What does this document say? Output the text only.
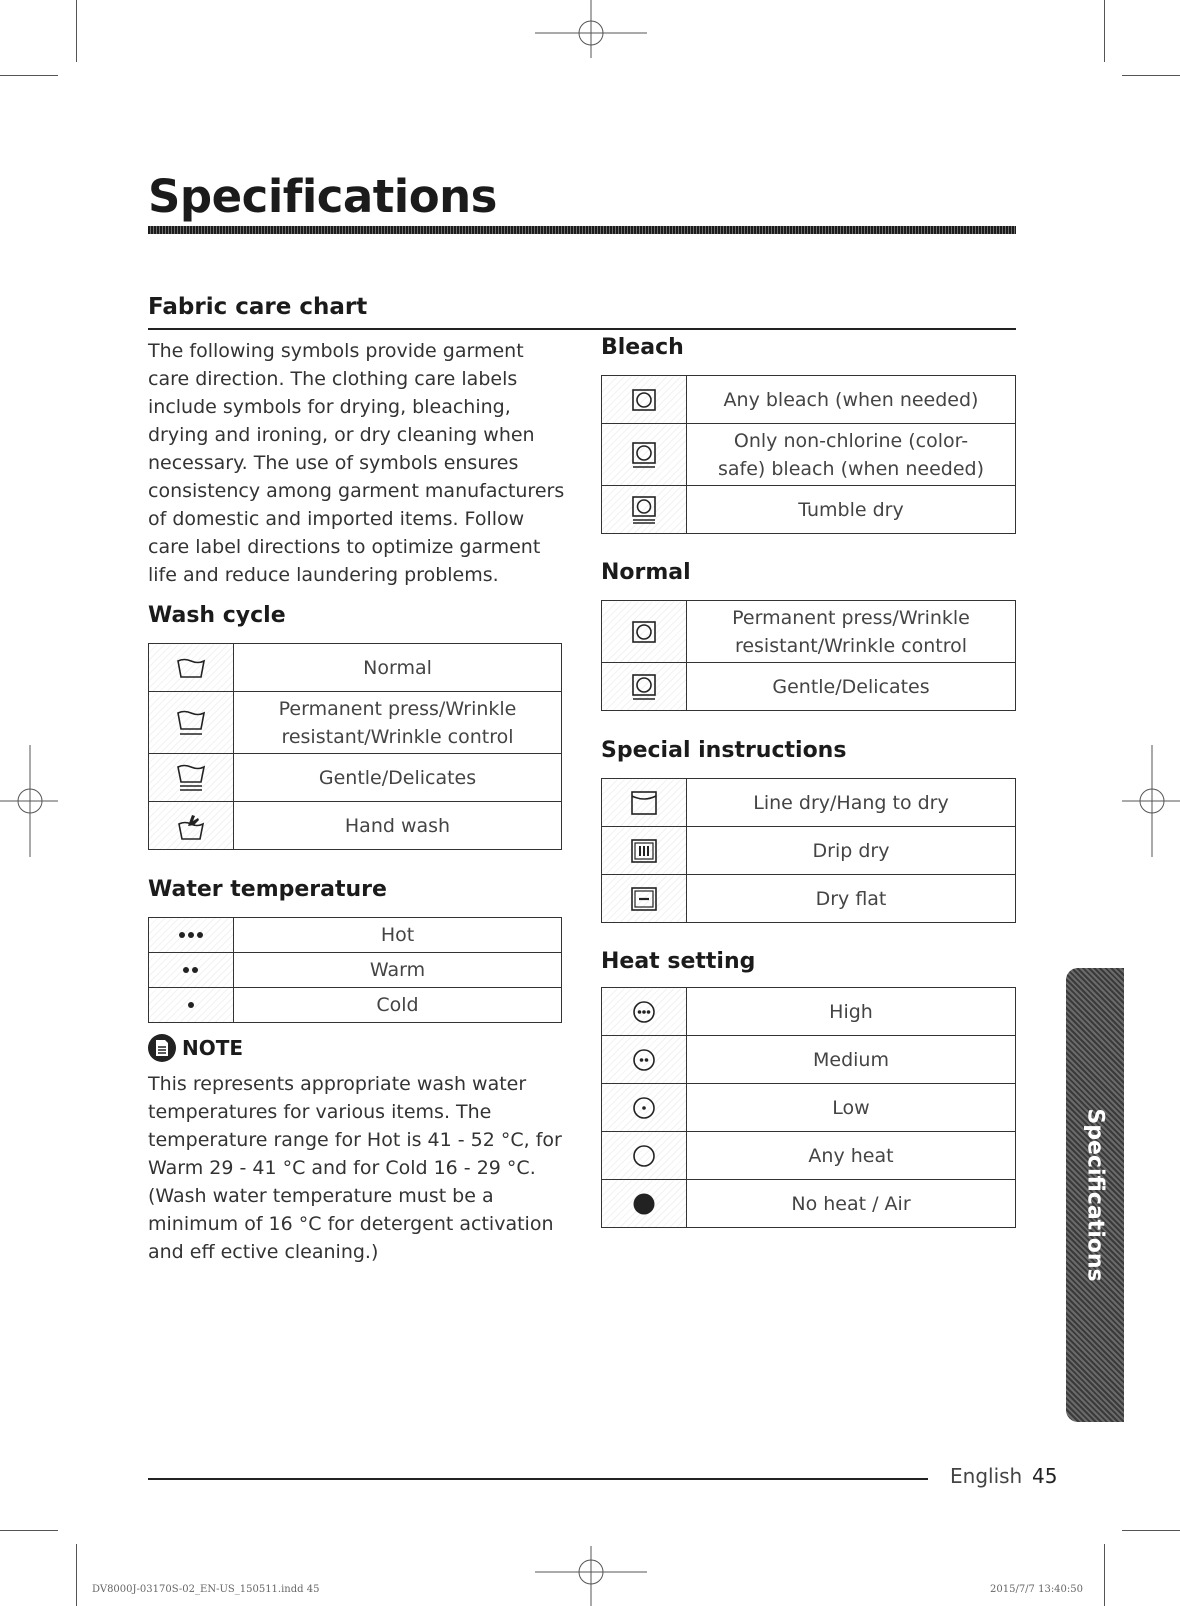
Specifications
Fabric care chart

The following symbols provide garment care direction. The clothing care labels include symbols for drying, bleaching, drying and ironing, or dry cleaning when necessary. The use of symbols ensures consistency among garment manufacturers of domestic and imported items. Follow care label directions to optimize garment life and reduce laundering problems.

Wash cycle
	Normal

	Permanent press/Wrinkle resistant/Wrinkle control

	Gentle/Delicates

	Hand wash
Water temperature
	Hot

	Warm

	Cold
NOTE

This represents appropriate wash water temperatures for various items. The temperature range for Hot is 41 - 52 °C, for Warm 29 - 41 °C and for Cold 16 - 29 °C. (Wash water temperature must be a minimum of 16 °C for detergent activation and eff ective cleaning.)

Bleach
	Any bleach (when needed)

	Only non-chlorine (color-safe) bleach (when needed)

	Tumble dry
Normal
	Permanent press/Wrinkle resistant/Wrinkle control

	Gentle/Delicates
Special instructions
	Line dry/Hang to dry

	Drip dry

	Dry flat
Heat setting
	High

	Medium

	Low

	Any heat

	No heat / Air	Specifications
English 45
DV8000J-03170S-02_EN-US_150511.indd 45	2015/7/7 13:40:50
